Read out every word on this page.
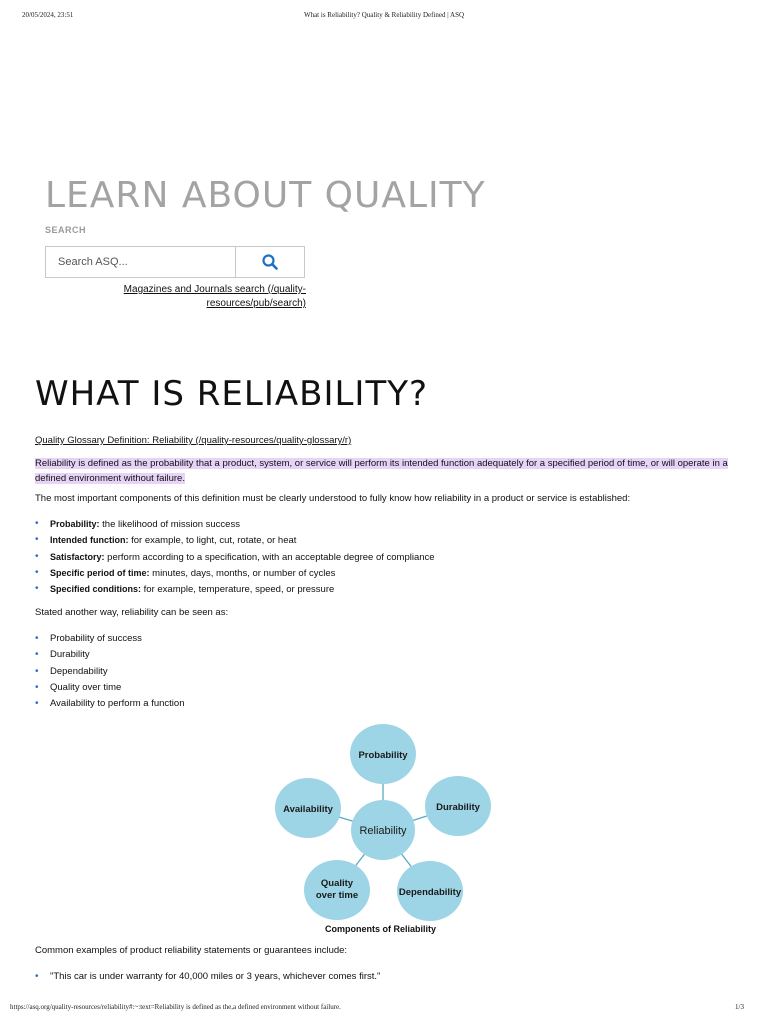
20/05/2024, 23:51	What is Reliability? Quality & Reliability Defined | ASQ
LEARN ABOUT QUALITY
SEARCH
Search ASQ...
Magazines and Journals search (/quality-resources/pub/search)
WHAT IS RELIABILITY?
Quality Glossary Definition: Reliability (/quality-resources/quality-glossary/r)
Reliability is defined as the probability that a product, system, or service will perform its intended function adequately for a specified period of time, or will operate in a defined environment without failure.
The most important components of this definition must be clearly understood to fully know how reliability in a product or service is established:
• Probability: the likelihood of mission success
• Intended function: for example, to light, cut, rotate, or heat
• Satisfactory: perform according to a specification, with an acceptable degree of compliance
• Specific period of time: minutes, days, months, or number of cycles
• Specified conditions: for example, temperature, speed, or pressure
Stated another way, reliability can be seen as:
• Probability of success
• Durability
• Dependability
• Quality over time
• Availability to perform a function
Probability
Durability
Dependability
Quality over time
Availability
Reliability
Components of Reliability
Common examples of product reliability statements or guarantees include:
• "This car is under warranty for 40,000 miles or 3 years, whichever comes first."
https://asq.org/quality-resources/reliability#:~:text=Reliability is defined as the,a defined environment without failure.	1/3
